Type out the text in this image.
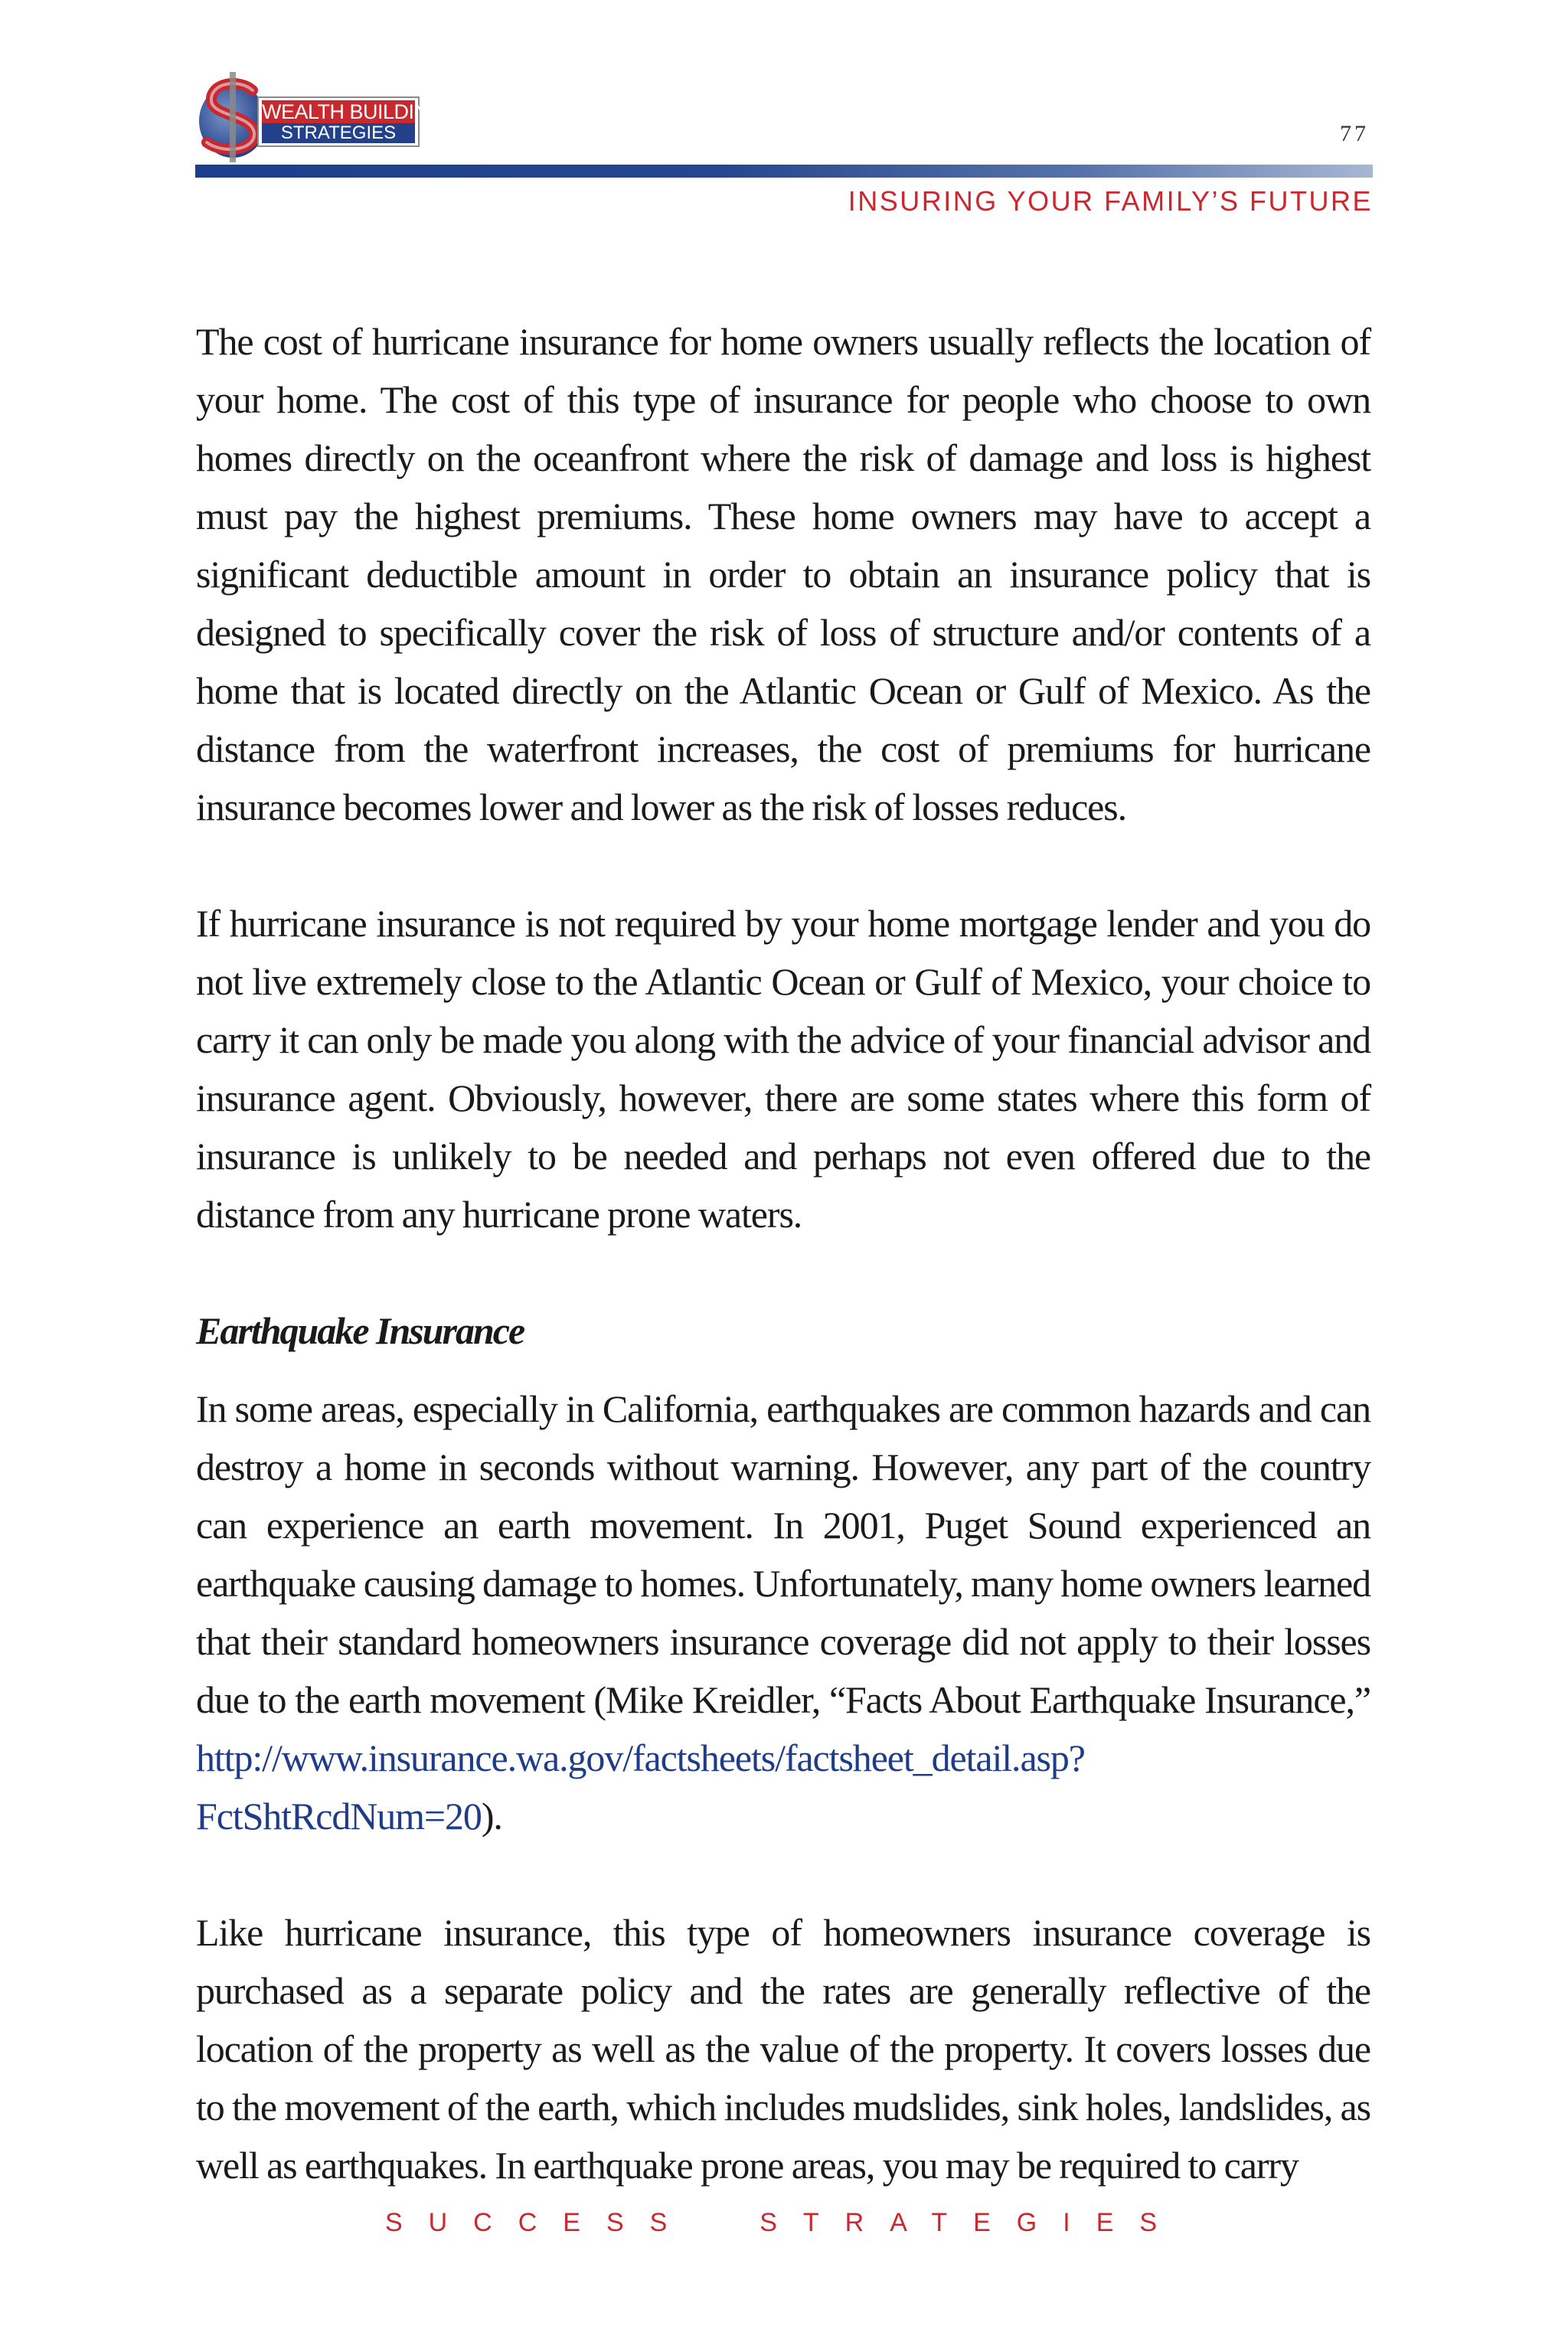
WEALTH BUILDING
STRATEGIES	77
INSURING YOUR FAMILY’S FUTURE

The cost of hurricane insurance for home owners usually reflects the location of your home. The cost of this type of insurance for people who choose to own homes directly on the oceanfront where the risk of damage and loss is highest must pay the highest premiums. These home owners may have to accept a significant deductible amount in order to obtain an insurance policy that is designed to specifically cover the risk of loss of structure and/or contents of a home that is located directly on the Atlantic Ocean or Gulf of Mexico. As the distance from the waterfront increases, the cost of premiums for hurricane insurance becomes lower and lower as the risk of losses reduces.

If hurricane insurance is not required by your home mortgage lender and you do not live extremely close to the Atlantic Ocean or Gulf of Mexico, your choice to carry it can only be made you along with the advice of your financial advisor and insurance agent. Obviously, however, there are some states where this form of insurance is unlikely to be needed and perhaps not even offered due to the distance from any hurricane prone waters.

Earthquake Insurance

In some areas, especially in California, earthquakes are common hazards and can destroy a home in seconds without warning. However, any part of the country can experience an earth movement. In 2001, Puget Sound experienced an earthquake causing damage to homes. Unfortunately, many home owners learned that their standard homeowners insurance coverage did not apply to their losses due to the earth movement (Mike Kreidler, “Facts About Earthquake Insurance,” http://www.insurance.wa.gov/factsheets/factsheet_detail.asp?FctShtRcdNum=20).

Like hurricane insurance, this type of homeowners insurance coverage is purchased as a separate policy and the rates are generally reflective of the location of the property as well as the value of the property. It covers losses due to the movement of the earth, which includes mudslides, sink holes, landslides, as well as earthquakes. In earthquake prone areas, you may be required to carry

SUCCESS  STRATEGIES
